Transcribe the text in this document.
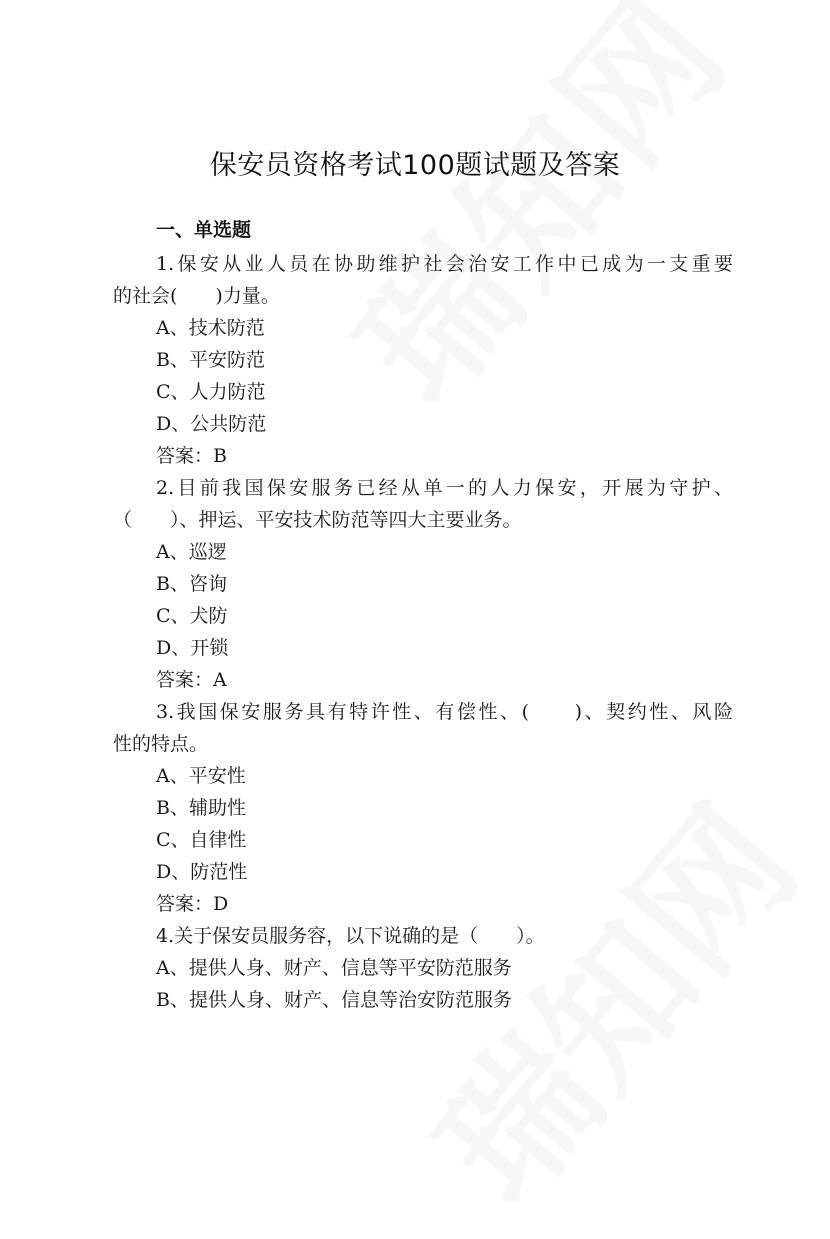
保安员资格考试100题试题及答案
一、单选题
1.保安从业人员在协助维护社会治安工作中已成为一支重要
的社会(　　)力量。
A、技术防范
B、平安防范
C、人力防范
D、公共防范
答案：B
2.目前我国保安服务已经从单一的人力保安，开展为守护、
（　　）、押运、平安技术防范等四大主要业务。
A、巡逻
B、咨询
C、犬防
D、开锁
答案：A
3.我国保安服务具有特许性、有偿性、(　　)、契约性、风险
性的特点。
A、平安性
B、辅助性
C、自律性
D、防范性
答案：D
4.关于保安员服务容，以下说确的是（　　）。
A、提供人身、财产、信息等平安防范服务
B、提供人身、财产、信息等治安防范服务
